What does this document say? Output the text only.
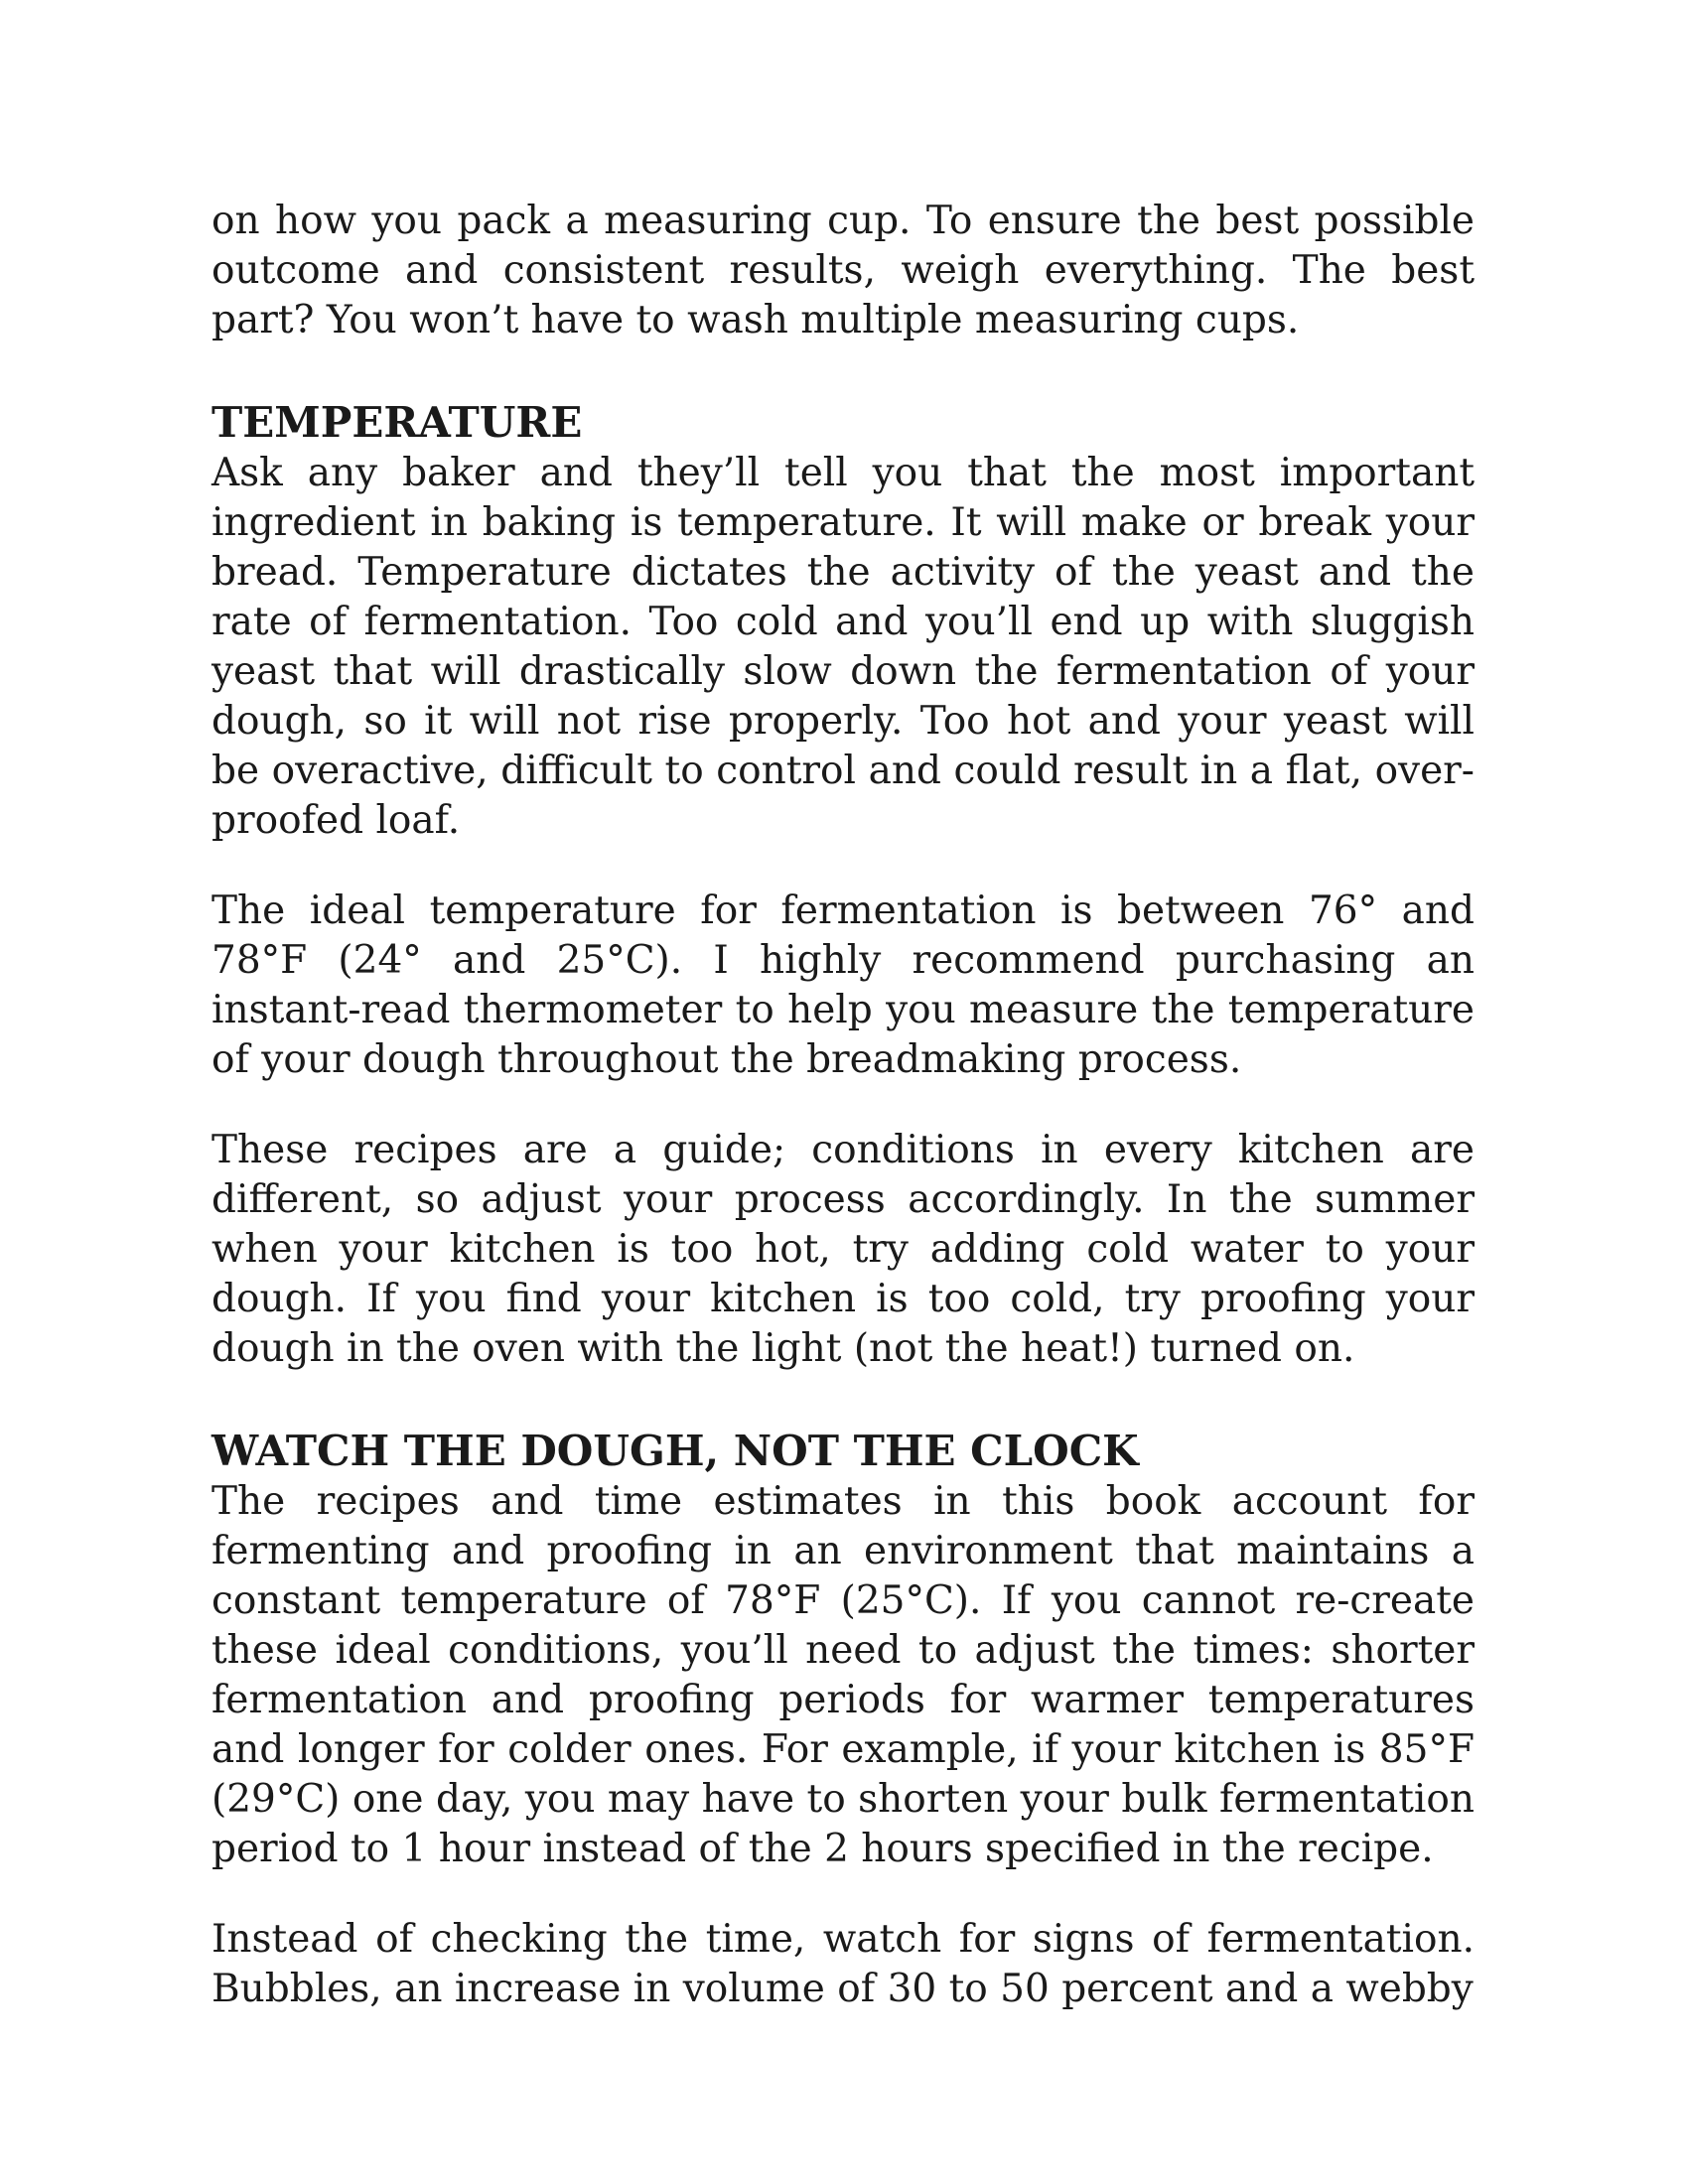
on how you pack a measuring cup. To ensure the best possible outcome and consistent results, weigh everything. The best part? You won’t have to wash multiple measuring cups.

TEMPERATURE

Ask any baker and they’ll tell you that the most important ingredient in baking is temperature. It will make or break your bread. Temperature dictates the activity of the yeast and the rate of fermentation. Too cold and you’ll end up with sluggish yeast that will drastically slow down the fermentation of your dough, so it will not rise properly. Too hot and your yeast will be overactive, difficult to control and could result in a flat, over-proofed loaf.

The ideal temperature for fermentation is between 76° and 78°F (24° and 25°C). I highly recommend purchasing an instant-read thermometer to help you measure the temperature of your dough throughout the breadmaking process.

These recipes are a guide; conditions in every kitchen are different, so adjust your process accordingly. In the summer when your kitchen is too hot, try adding cold water to your dough. If you find your kitchen is too cold, try proofing your dough in the oven with the light (not the heat!) turned on.

WATCH THE DOUGH, NOT THE CLOCK

The recipes and time estimates in this book account for fermenting and proofing in an environment that maintains a constant temperature of 78°F (25°C). If you cannot re-create these ideal conditions, you’ll need to adjust the times: shorter fermentation and proofing periods for warmer temperatures and longer for colder ones. For example, if your kitchen is 85°F (29°C) one day, you may have to shorten your bulk fermentation period to 1 hour instead of the 2 hours specified in the recipe.

Instead of checking the time, watch for signs of fermentation. Bubbles, an increase in volume of 30 to 50 percent and a webby
